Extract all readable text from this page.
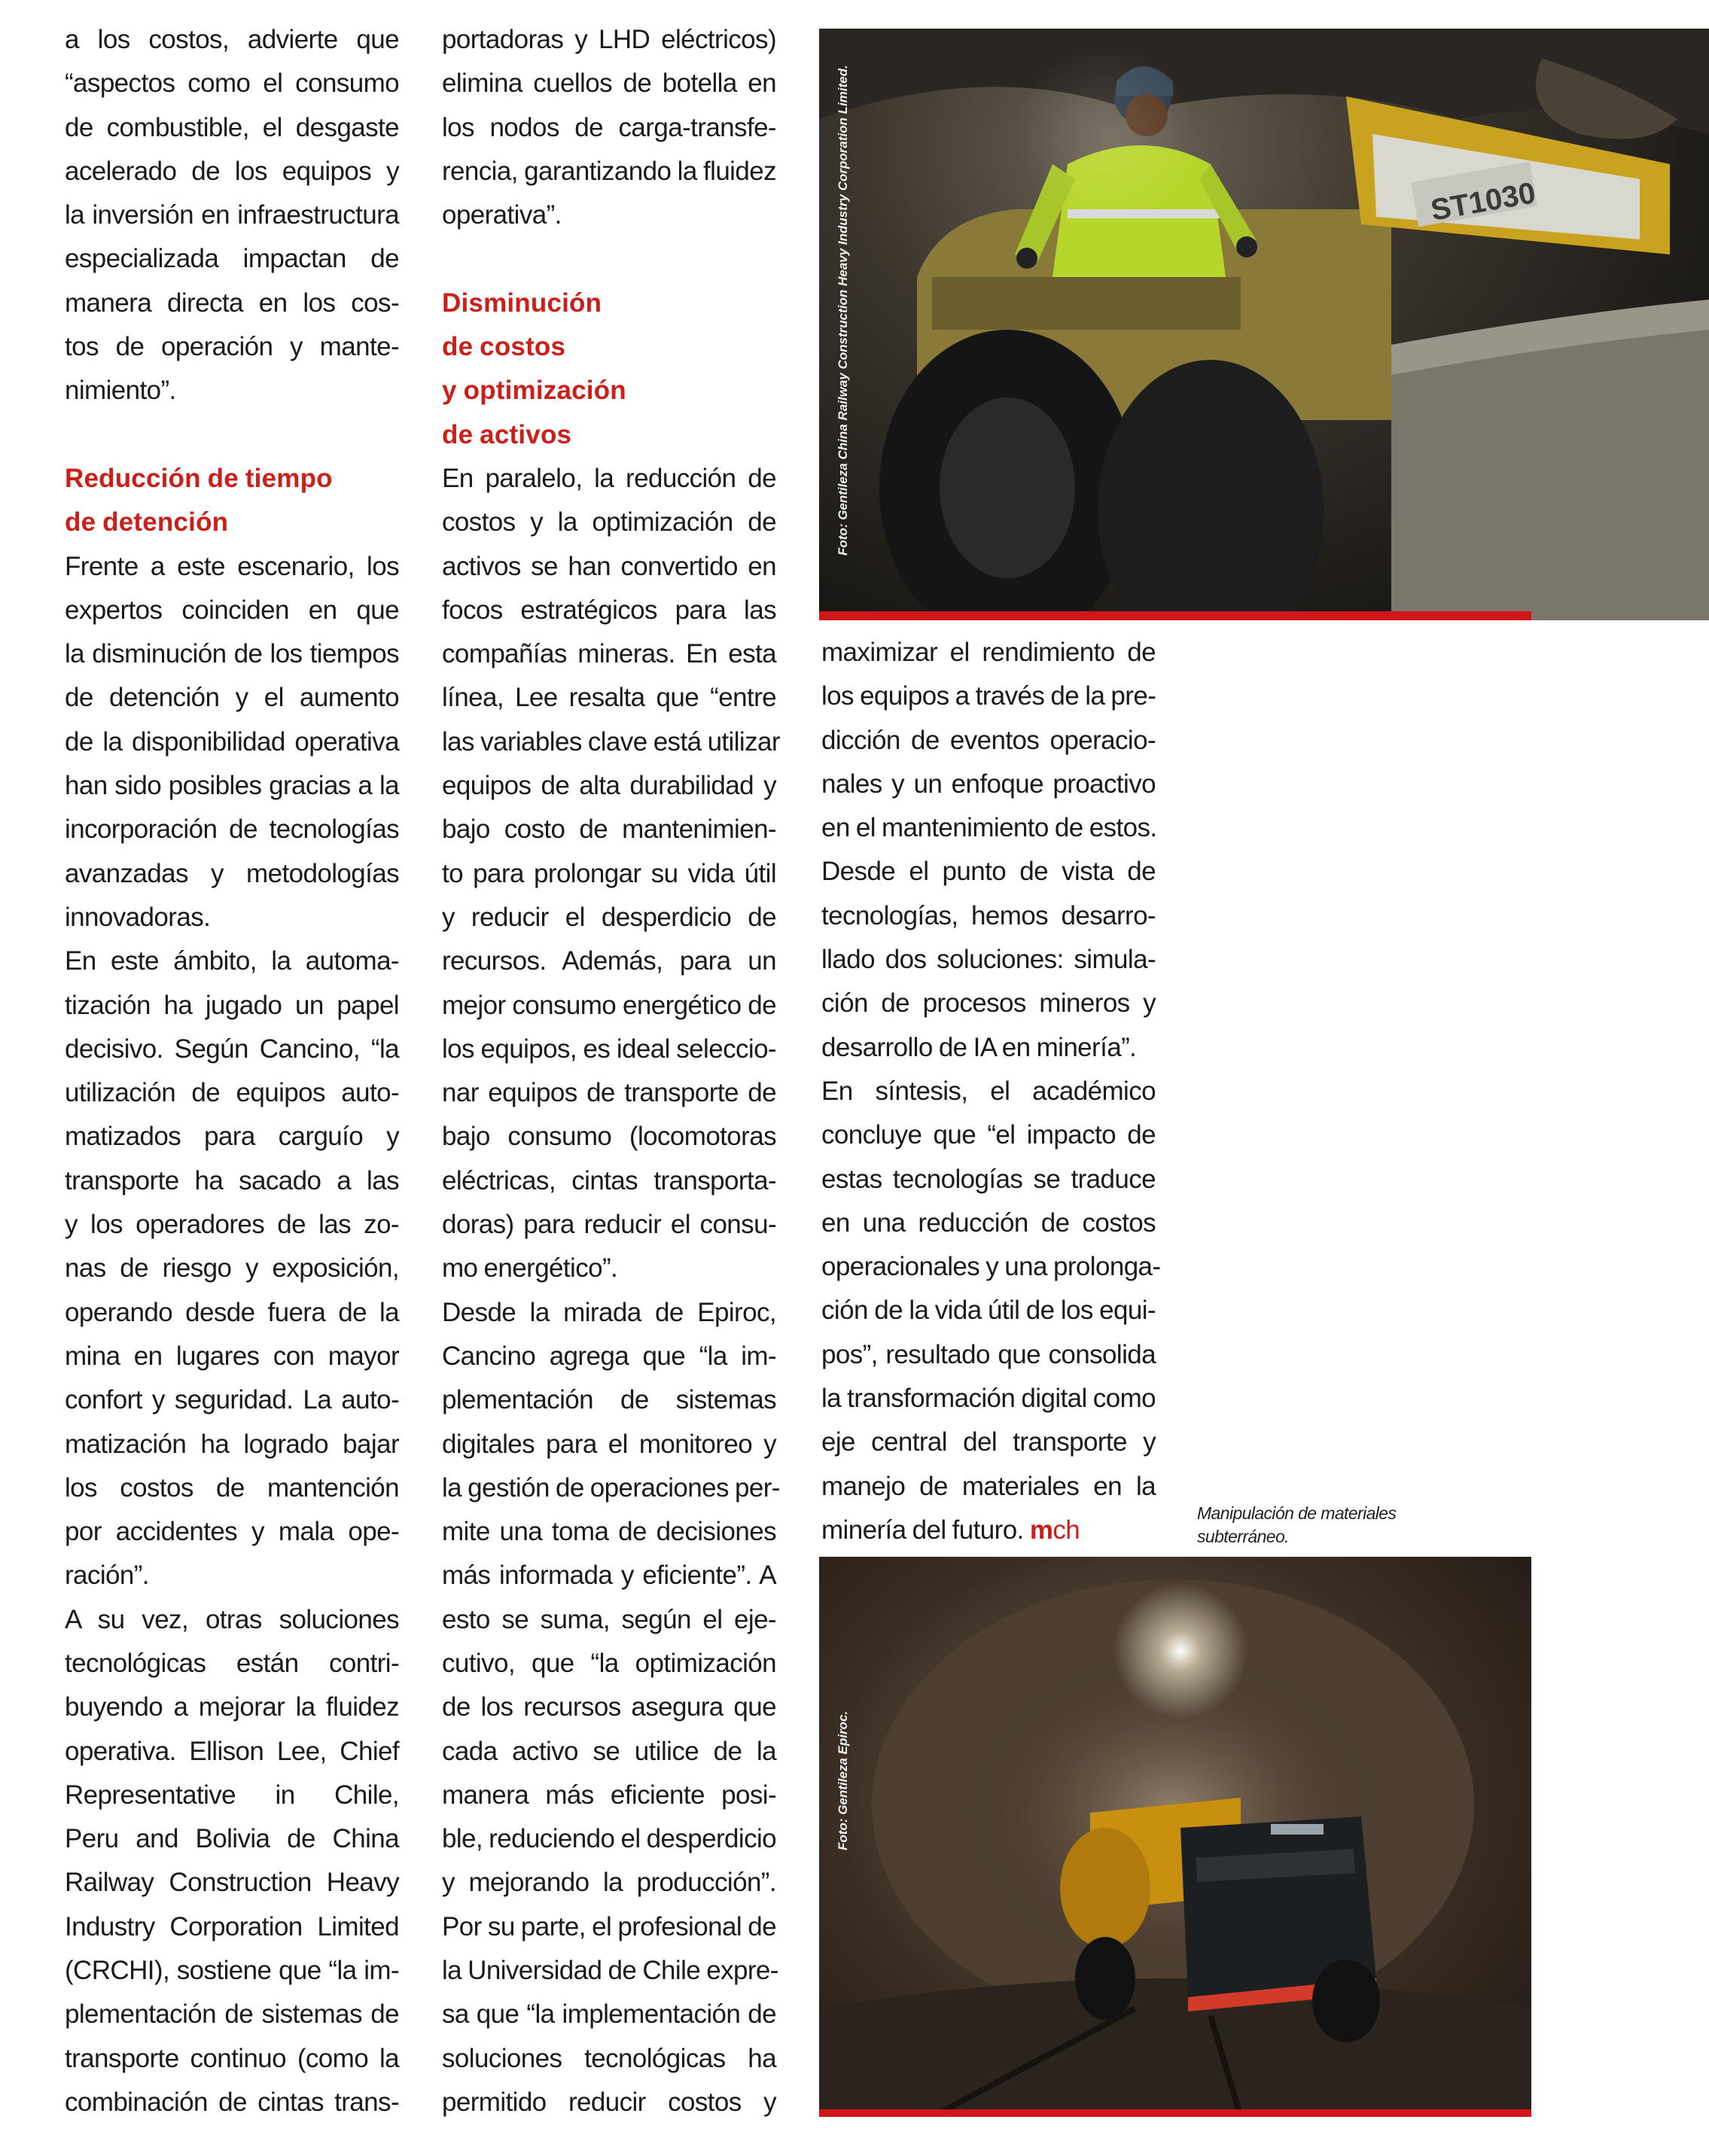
a los costos, advierte que
“aspectos como el consumo
de combustible, el desgaste
acelerado de los equipos y
la inversión en infraestructura
especializada impactan de
manera directa en los cos-
tos de operación y mante-
nimiento”.
Reducción de tiempo
de detención
Frente a este escenario, los
expertos coinciden en que
la disminución de los tiempos
de detención y el aumento
de la disponibilidad operativa
han sido posibles gracias a la
incorporación de tecnologías
avanzadas y metodologías
innovadoras.
En este ámbito, la automa-
tización ha jugado un papel
decisivo. Según Cancino, “la
utilización de equipos auto-
matizados para carguío y
transporte ha sacado a las
y los operadores de las zo-
nas de riesgo y exposición,
operando desde fuera de la
mina en lugares con mayor
confort y seguridad. La auto-
matización ha logrado bajar
los costos de mantención
por accidentes y mala ope-
ración”.
A su vez, otras soluciones
tecnológicas están contri-
buyendo a mejorar la fluidez
operativa. Ellison Lee, Chief
Representative in Chile,
Peru and Bolivia de China
Railway Construction Heavy
Industry Corporation Limited
(CRCHI), sostiene que “la im-
plementación de sistemas de
transporte continuo (como la
combinación de cintas trans-
portadoras y LHD eléctricos)
elimina cuellos de botella en
los nodos de carga-transfe-
rencia, garantizando la fluidez
operativa”.
Disminución
de costos
y optimización
de activos
En paralelo, la reducción de
costos y la optimización de
activos se han convertido en
focos estratégicos para las
compañías mineras. En esta
línea, Lee resalta que “entre
las variables clave está utilizar
equipos de alta durabilidad y
bajo costo de mantenimien-
to para prolongar su vida útil
y reducir el desperdicio de
recursos. Además, para un
mejor consumo energético de
los equipos, es ideal seleccio-
nar equipos de transporte de
bajo consumo (locomotoras
eléctricas, cintas transporta-
doras) para reducir el consu-
mo energético”.
Desde la mirada de Epiroc,
Cancino agrega que “la im-
plementación de sistemas
digitales para el monitoreo y
la gestión de operaciones per-
mite una toma de decisiones
más informada y eficiente”. A
esto se suma, según el eje-
cutivo, que “la optimización
de los recursos asegura que
cada activo se utilice de la
manera más eficiente posi-
ble, reduciendo el desperdicio
y mejorando la producción”.
Por su parte, el profesional de
la Universidad de Chile expre-
sa que “la implementación de
soluciones tecnológicas ha
permitido reducir costos y
maximizar el rendimiento de
los equipos a través de la pre-
dicción de eventos operacio-
nales y un enfoque proactivo
en el mantenimiento de estos.
Desde el punto de vista de
tecnologías, hemos desarro-
llado dos soluciones: simula-
ción de procesos mineros y
desarrollo de IA en minería”.
En síntesis, el académico
concluye que “el impacto de
estas tecnologías se traduce
en una reducción de costos
operacionales y una prolonga-
ción de la vida útil de los equi-
pos”, resultado que consolida
la transformación digital como
eje central del transporte y
manejo de materiales en la
minería del futuro. mch
ST1030
Foto: Gentileza China Railway Construction Heavy Industry Corporation Limited.
Foto: Gentileza Epiroc.
Manipulación de materiales subterráneo.
